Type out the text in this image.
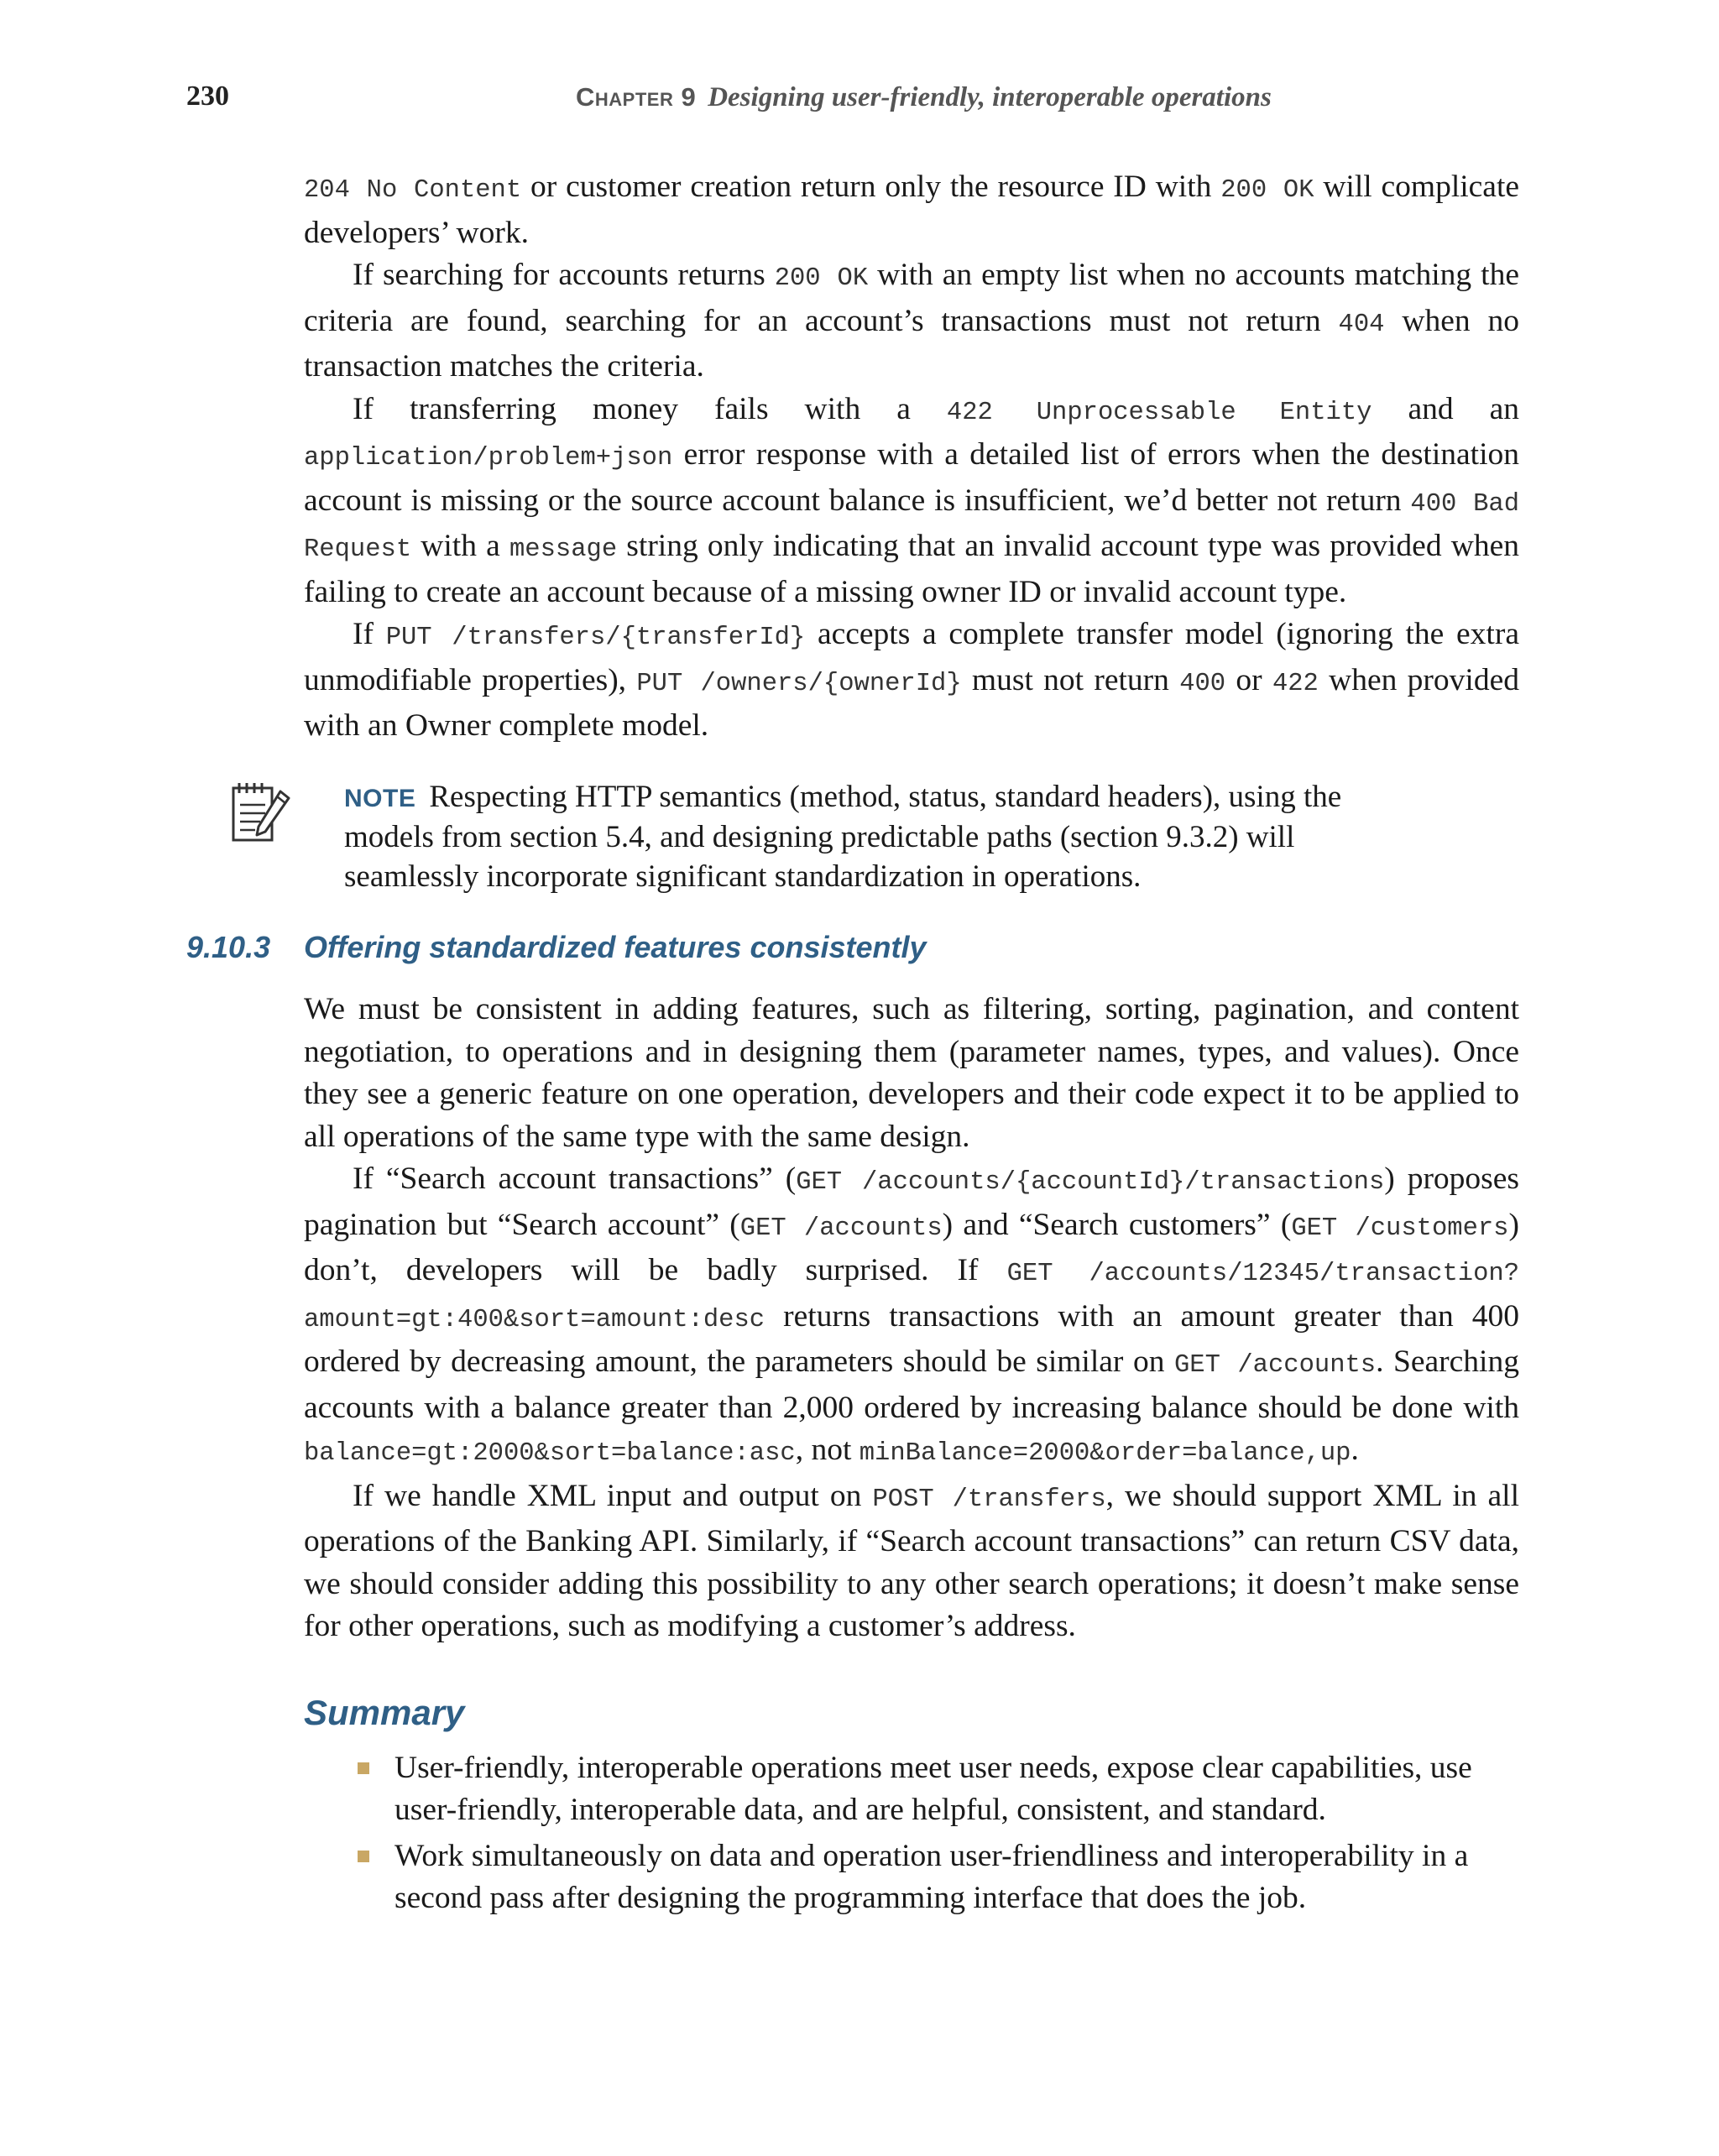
230	Chapter 9 Designing user-friendly, interoperable operations

204 No Content or customer creation return only the resource ID with 200 OK will complicate developers’ work.

If searching for accounts returns 200 OK with an empty list when no accounts matching the criteria are found, searching for an account’s transactions must not return 404 when no transaction matches the criteria.

If transferring money fails with a 422 Unprocessable Entity and an application/problem+json error response with a detailed list of errors when the destination account is missing or the source account balance is insufficient, we’d better not return 400 Bad Request with a message string only indicating that an invalid account type was provided when failing to create an account because of a missing owner ID or invalid account type.

If PUT /transfers/{transferId} accepts a complete transfer model (ignoring the extra unmodifiable properties), PUT /owners/{ownerId} must not return 400 or 422 when provided with an Owner complete model.

NOTE Respecting HTTP semantics (method, status, standard headers), using the models from section 5.4, and designing predictable paths (section 9.3.2) will seamlessly incorporate significant standardization in operations.

9.10.3 Offering standardized features consistently

We must be consistent in adding features, such as filtering, sorting, pagination, and content negotiation, to operations and in designing them (parameter names, types, and values). Once they see a generic feature on one operation, developers and their code expect it to be applied to all operations of the same type with the same design.

If “Search account transactions” (GET /accounts/{accountId}/transactions) proposes pagination but “Search account” (GET /accounts) and “Search customers” (GET /customers) don’t, developers will be badly surprised. If GET /accounts/12345/transaction?amount=gt:400&sort=amount:desc returns transactions with an amount greater than 400 ordered by decreasing amount, the parameters should be similar on GET /accounts. Searching accounts with a balance greater than 2,000 ordered by increasing balance should be done with balance=gt:2000&sort=balance:asc, not minBalance=2000&order=balance,up.

If we handle XML input and output on POST /transfers, we should support XML in all operations of the Banking API. Similarly, if “Search account transactions” can return CSV data, we should consider adding this possibility to any other search operations; it doesn’t make sense for other operations, such as modifying a customer’s address.

Summary
User-friendly, interoperable operations meet user needs, expose clear capabilities, use user-friendly, interoperable data, and are helpful, consistent, and standard.
Work simultaneously on data and operation user-friendliness and interoperability in a second pass after designing the programming interface that does the job.
